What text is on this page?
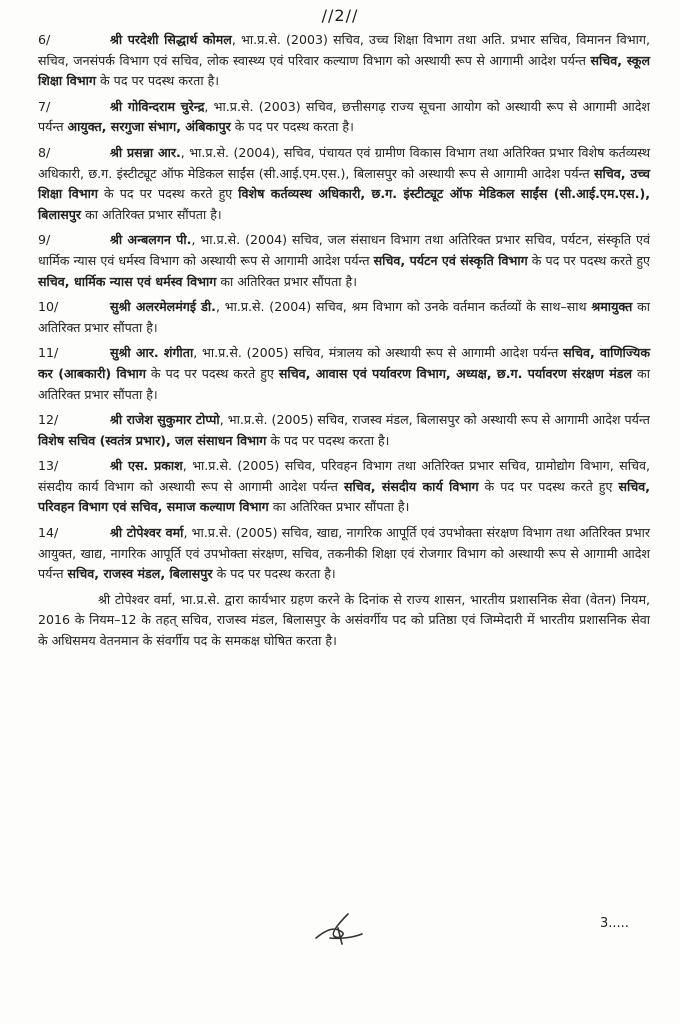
//2//

6/	श्री परदेशी सिद्धार्थ कोमल, भा.प्र.से. (2003) सचिव, उच्च शिक्षा विभाग तथा अति. प्रभार सचिव, विमानन विभाग, सचिव, जनसंपर्क विभाग एवं सचिव, लोक स्वास्थ्य एवं परिवार कल्याण विभाग को अस्थायी रूप से आगामी आदेश पर्यन्त सचिव, स्कूल शिक्षा विभाग के पद पर पदस्थ करता है।

7/	श्री गोविन्दराम चुरेन्द्र, भा.प्र.से. (2003) सचिव, छत्तीसगढ़ राज्य सूचना आयोग को अस्थायी रूप से आगामी आदेश पर्यन्त आयुक्त, सरगुजा संभाग, अंबिकापुर के पद पर पदस्थ करता है।

8/	श्री प्रसन्ना आर., भा.प्र.से. (2004), सचिव, पंचायत एवं ग्रामीण विकास विभाग तथा अतिरिक्त प्रभार विशेष कर्तव्यस्थ अधिकारी, छ.ग. इंस्टीट्यूट ऑफ मेडिकल साईंस (सी.आई.एम.एस.), बिलासपुर को अस्थायी रूप से आगामी आदेश पर्यन्त सचिव, उच्च शिक्षा विभाग के पद पर पदस्थ करते हुए विशेष कर्तव्यस्थ अधिकारी, छ.ग. इंस्टीट्यूट ऑफ मेडिकल साईंस (सी.आई.एम.एस.), बिलासपुर का अतिरिक्त प्रभार सौंपता है।

9/	श्री अन्बलगन पी., भा.प्र.से. (2004) सचिव, जल संसाधन विभाग तथा अतिरिक्त प्रभार सचिव, पर्यटन, संस्कृति एवं धार्मिक न्यास एवं धर्मस्व विभाग को अस्थायी रूप से आगामी आदेश पर्यन्त सचिव, पर्यटन एवं संस्कृति विभाग के पद पर पदस्थ करते हुए सचिव, धार्मिक न्यास एवं धर्मस्व विभाग का अतिरिक्त प्रभार सौंपता है।

10/	सुश्री अलरमेलमंगई डी., भा.प्र.से. (2004) सचिव, श्रम विभाग को उनके वर्तमान कर्तव्यों के साथ–साथ श्रमायुक्त का अतिरिक्त प्रभार सौंपता है।

11/	सुश्री आर. शंगीता, भा.प्र.से. (2005) सचिव, मंत्रालय को अस्थायी रूप से आगामी आदेश पर्यन्त सचिव, वाणिज्यिक कर (आबकारी) विभाग के पद पर पदस्थ करते हुए सचिव, आवास एवं पर्यावरण विभाग, अध्यक्ष, छ.ग. पर्यावरण संरक्षण मंडल का अतिरिक्त प्रभार सौंपता है।

12/	श्री राजेश सुकुमार टोप्पो, भा.प्र.से. (2005) सचिव, राजस्व मंडल, बिलासपुर को अस्थायी रूप से आगामी आदेश पर्यन्त विशेष सचिव (स्वतंत्र प्रभार), जल संसाधन विभाग के पद पर पदस्थ करता है।

13/	श्री एस. प्रकाश, भा.प्र.से. (2005) सचिव, परिवहन विभाग तथा अतिरिक्त प्रभार सचिव, ग्रामोद्योग विभाग, सचिव, संसदीय कार्य विभाग को अस्थायी रूप से आगामी आदेश पर्यन्त सचिव, संसदीय कार्य विभाग के पद पर पदस्थ करते हुए सचिव, परिवहन विभाग एवं सचिव, समाज कल्याण विभाग का अतिरिक्त प्रभार सौंपता है।

14/	श्री टोपेश्वर वर्मा, भा.प्र.से. (2005) सचिव, खाद्य, नागरिक आपूर्ति एवं उपभोक्ता संरक्षण विभाग तथा अतिरिक्त प्रभार आयुक्त, खाद्य, नागरिक आपूर्ति एवं उपभोक्ता संरक्षण, सचिव, तकनीकी शिक्षा एवं रोजगार विभाग को अस्थायी रूप से आगामी आदेश पर्यन्त सचिव, राजस्व मंडल, बिलासपुर के पद पर पदस्थ करता है।

श्री टोपेश्वर वर्मा, भा.प्र.से. द्वारा कार्यभार ग्रहण करने के दिनांक से राज्य शासन, भारतीय प्रशासनिक सेवा (वेतन) नियम, 2016 के नियम–12 के तहत् सचिव, राजस्व मंडल, बिलासपुर के असंवर्गीय पद को प्रतिष्ठा एवं जिम्मेदारी में भारतीय प्रशासनिक सेवा के अधिसमय वेतनमान के संवर्गीय पद के समकक्ष घोषित करता है।

3.....
